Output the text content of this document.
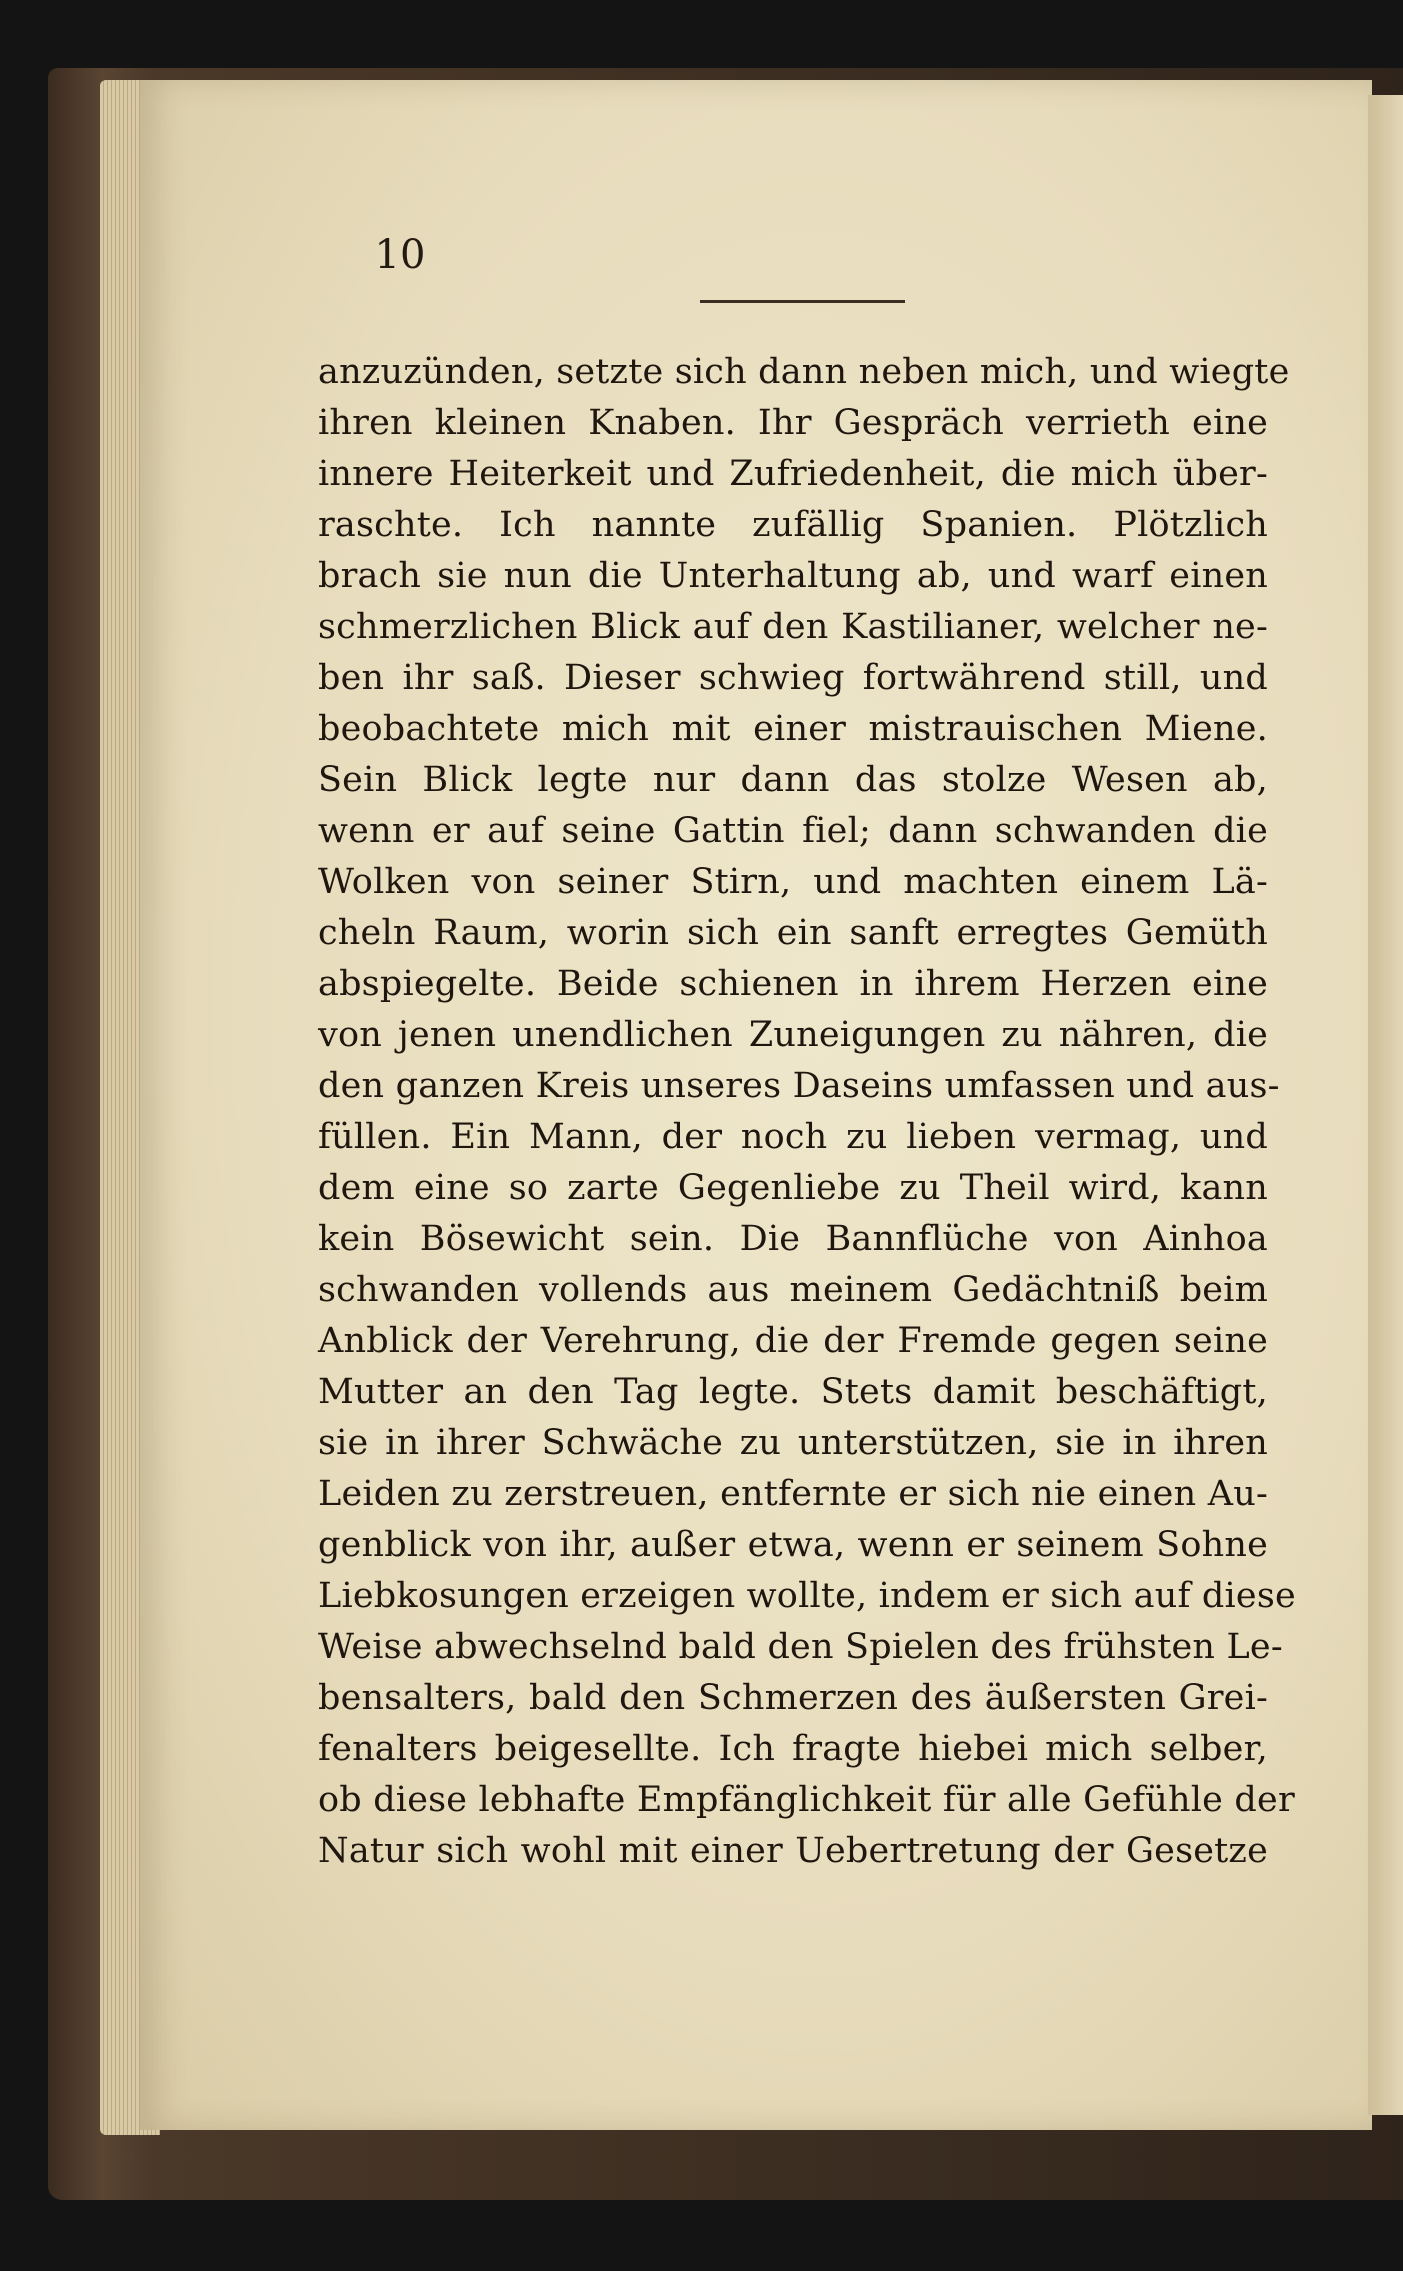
10
anzuzünden, setzte sich dann neben mich, und wiegte
ihren kleinen Knaben. Ihr Gespräch verrieth eine
innere Heiterkeit und Zufriedenheit, die mich über-
raschte. Ich nannte zufällig Spanien. Plötzlich
brach sie nun die Unterhaltung ab, und warf einen
schmerzlichen Blick auf den Kastilianer, welcher ne-
ben ihr saß. Dieser schwieg fortwährend still, und
beobachtete mich mit einer mistrauischen Miene.
Sein Blick legte nur dann das stolze Wesen ab,
wenn er auf seine Gattin fiel; dann schwanden die
Wolken von seiner Stirn, und machten einem Lä-
cheln Raum, worin sich ein sanft erregtes Gemüth
abspiegelte. Beide schienen in ihrem Herzen eine
von jenen unendlichen Zuneigungen zu nähren, die
den ganzen Kreis unseres Daseins umfassen und aus-
füllen. Ein Mann, der noch zu lieben vermag, und
dem eine so zarte Gegenliebe zu Theil wird, kann
kein Bösewicht sein. Die Bannflüche von Ainhoa
schwanden vollends aus meinem Gedächtniß beim
Anblick der Verehrung, die der Fremde gegen seine
Mutter an den Tag legte. Stets damit beschäftigt,
sie in ihrer Schwäche zu unterstützen, sie in ihren
Leiden zu zerstreuen, entfernte er sich nie einen Au-
genblick von ihr, außer etwa, wenn er seinem Sohne
Liebkosungen erzeigen wollte, indem er sich auf diese
Weise abwechselnd bald den Spielen des frühsten Le-
bensalters, bald den Schmerzen des äußersten Grei-
fenalters beigesellte. Ich fragte hiebei mich selber,
ob diese lebhafte Empfänglichkeit für alle Gefühle der
Natur sich wohl mit einer Uebertretung der Gesetze
